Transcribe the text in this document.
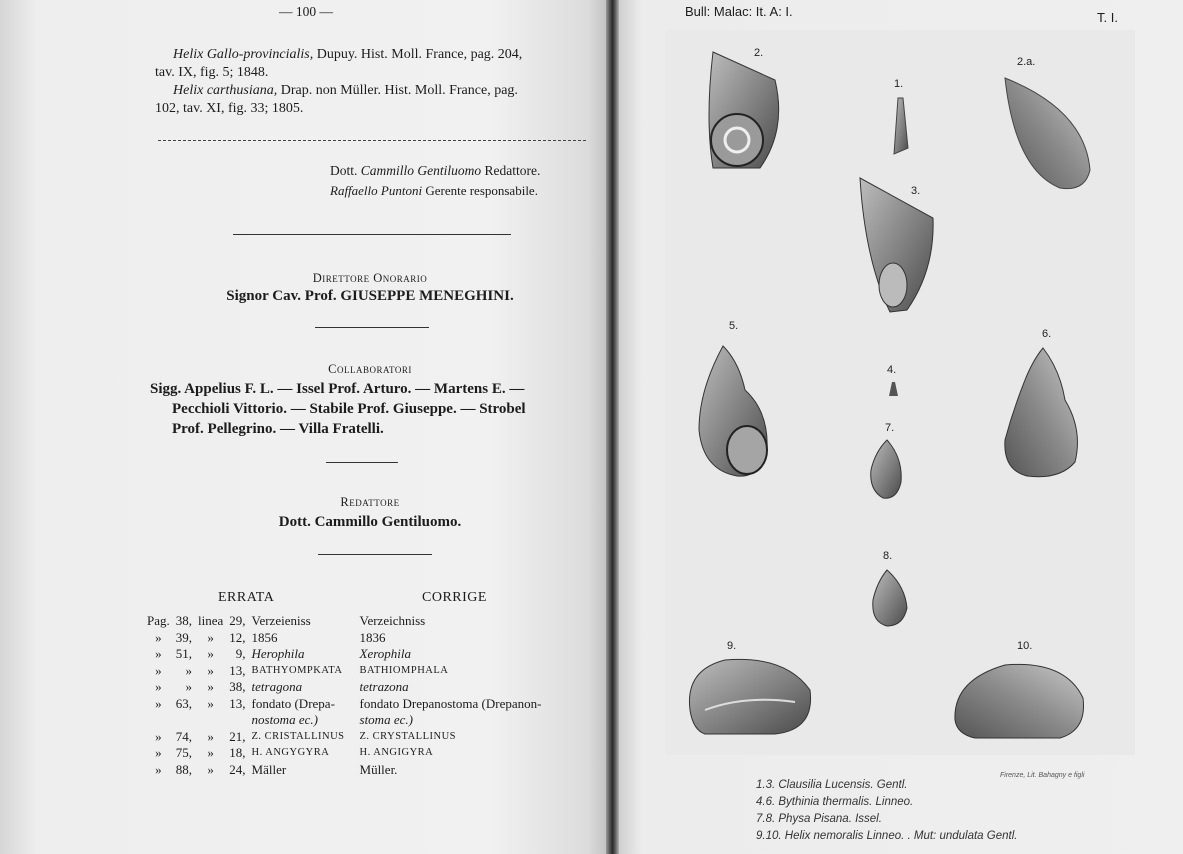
— 100 —
Helix Gallo-provincialis, Dupuy. Hist. Moll. France, pag. 204,
tav. IX, fig. 5; 1848.
Helix carthusiana, Drap. non Müller. Hist. Moll. France, pag.
102, tav. XI, fig. 33; 1805.
Dott. Cammillo Gentiluomo Redattore.
Raffaello Puntoni Gerente responsabile.
Direttore Onorario
Signor Cav. Prof. GIUSEPPE MENEGHINI.
Collaboratori
Sigg. Appelius F. L. — Issel Prof. Arturo. — Martens E. —
Pecchioli Vittorio. — Stabile Prof. Giuseppe. — Strobel
Prof. Pellegrino. — Villa Fratelli.
Redattore
Dott. Cammillo Gentiluomo.
ERRATA	CORRIGE
Pag.	38,	linea	29,	Verzeieniss	Verzeichniss
»	39,	»	12,	1856	1836
»	51,	»	9,	Herophila	Xerophila
»	»	»	13,	BATHYOMPKATA	BATHIOMPHALA
»	»	»	38,	tetragona	tetrazona
»	63,	»	13,	fondato (Drepa-	fondato Drepanostoma (Drepanon-
				nostoma ec.)	stoma ec.)
»	74,	»	21,	Z. CRISTALLINUS	Z. CRYSTALLINUS
»	75,	»	18,	H. ANGYGYRA	H. ANGIGYRA
»	88,	»	24,	Mäller	Müller.
Bull: Malac: It. A: I.	T. I.
2.
1.
2.a.
3.
5.
6.
4.
7.
8.
9.	10.
Firenze, Lit. Bahagny e figli
1.3. Clausilia Lucensis. Gentl.
4.6. Bythinia thermalis. Linneo.
7.8. Physa Pisana. Issel.
9.10. Helix nemoralis Linneo. . Mut: undulata Gentl.
